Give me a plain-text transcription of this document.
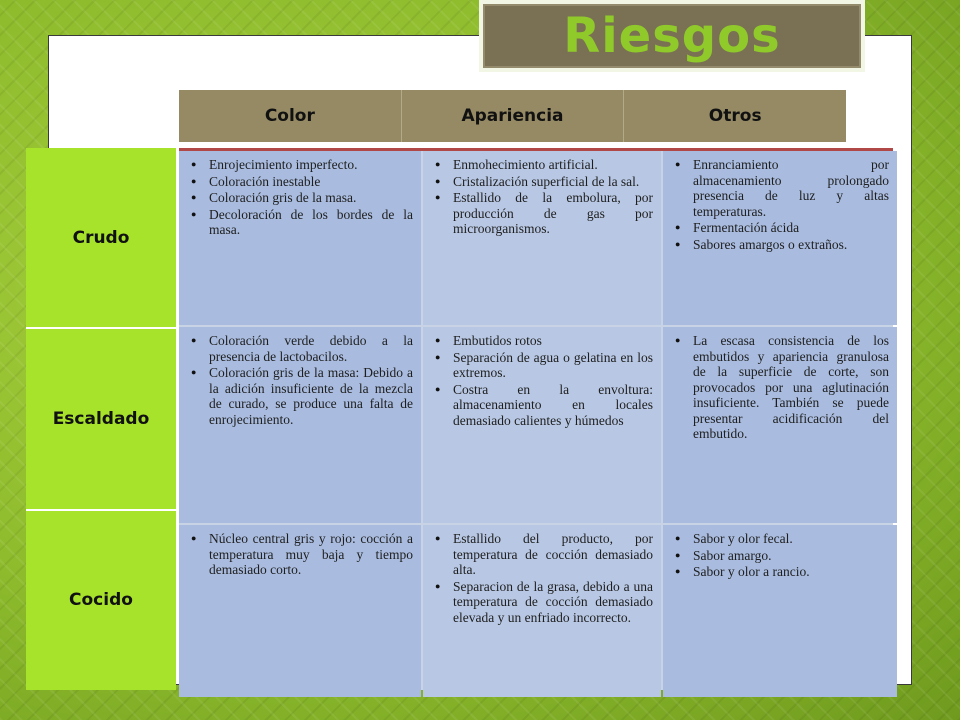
Riesgos
Color	Apariencia	Otros
Crudo
Escaldado
Cocido
● Enrojecimiento imperfecto.
● Coloración inestable
● Coloración gris de la masa.
● Decoloración de los bordes de la masa.
● Enmohecimiento artificial.
● Cristalización superficial de la sal.
● Estallido de la embolura, por producción de gas por microorganismos.
● Enranciamiento por almacenamiento prolongado presencia de luz y altas temperaturas.
● Fermentación ácida
● Sabores amargos o extraños.
● Coloración verde debido a la presencia de lactobacilos.
● Coloración gris de la masa: Debido a la adición insuficiente de la mezcla de curado, se produce una falta de enrojecimiento.
● Embutidos rotos
● Separación de agua o gelatina en los extremos.
● Costra en la envoltura: almacenamiento en locales demasiado calientes y húmedos
● La escasa consistencia de los embutidos y apariencia granulosa de la superficie de corte, son provocados por una aglutinación insuficiente. También se puede presentar acidificación del embutido.
● Núcleo central gris y rojo: cocción a temperatura muy baja y tiempo demasiado corto.
● Estallido del producto, por temperatura de cocción demasiado alta.
● Separacion de la grasa, debido a una temperatura de cocción demasiado elevada y un enfriado incorrecto.
● Sabor y olor fecal.
● Sabor amargo.
● Sabor y olor a rancio.
